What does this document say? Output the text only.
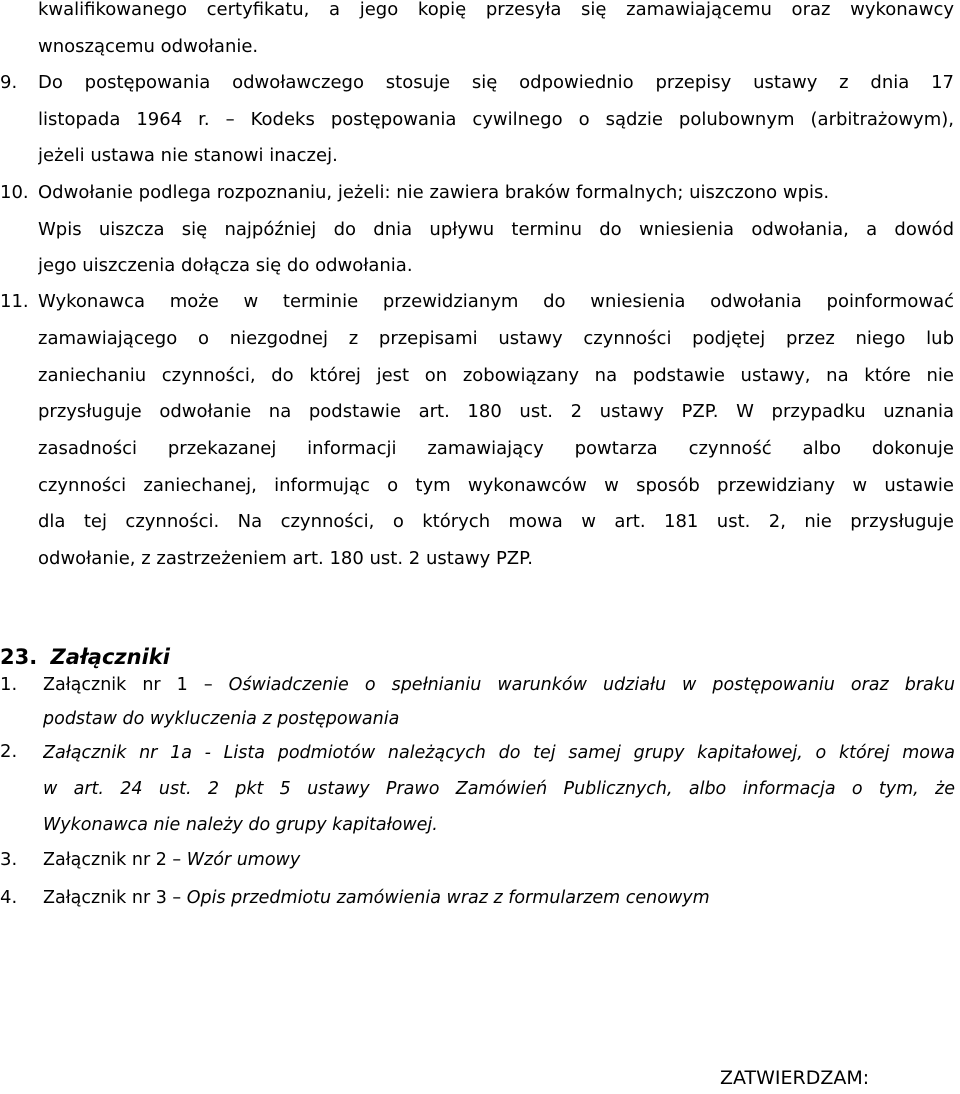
kwalifikowanego certyfikatu, a jego kopię przesyła się zamawiającemu oraz wykonawcy
wnoszącemu odwołanie.
9. Do postępowania odwoławczego stosuje się odpowiednio przepisy ustawy z dnia 17
listopada 1964 r. – Kodeks postępowania cywilnego o sądzie polubownym (arbitrażowym),
jeżeli ustawa nie stanowi inaczej.
10. Odwołanie podlega rozpoznaniu, jeżeli: nie zawiera braków formalnych; uiszczono wpis.
Wpis uiszcza się najpóźniej do dnia upływu terminu do wniesienia odwołania, a dowód
jego uiszczenia dołącza się do odwołania.
11. Wykonawca może w terminie przewidzianym do wniesienia odwołania poinformować
zamawiającego o niezgodnej z przepisami ustawy czynności podjętej przez niego lub
zaniechaniu czynności, do której jest on zobowiązany na podstawie ustawy, na które nie
przysługuje odwołanie na podstawie art. 180 ust. 2 ustawy PZP. W przypadku uznania
zasadności przekazanej informacji zamawiający powtarza czynność albo dokonuje
czynności zaniechanej, informując o tym wykonawców w sposób przewidziany w ustawie
dla tej czynności. Na czynności, o których mowa w art. 181 ust. 2, nie przysługuje
odwołanie, z zastrzeżeniem art. 180 ust. 2 ustawy PZP.
23. Załączniki
1.	Załącznik nr 1 – Oświadczenie o spełnianiu warunków udziału w postępowaniu oraz braku
podstaw do wykluczenia z postępowania
2.	Załącznik nr 1a - Lista podmiotów należących do tej samej grupy kapitałowej, o której mowa
w art. 24 ust. 2 pkt 5 ustawy Prawo Zamówień Publicznych, albo informacja o tym, że
Wykonawca nie należy do grupy kapitałowej.
3.	Załącznik nr 2 – Wzór umowy
4.	Załącznik nr 3 – Opis przedmiotu zamówienia wraz z formularzem cenowym
ZATWIERDZAM:
